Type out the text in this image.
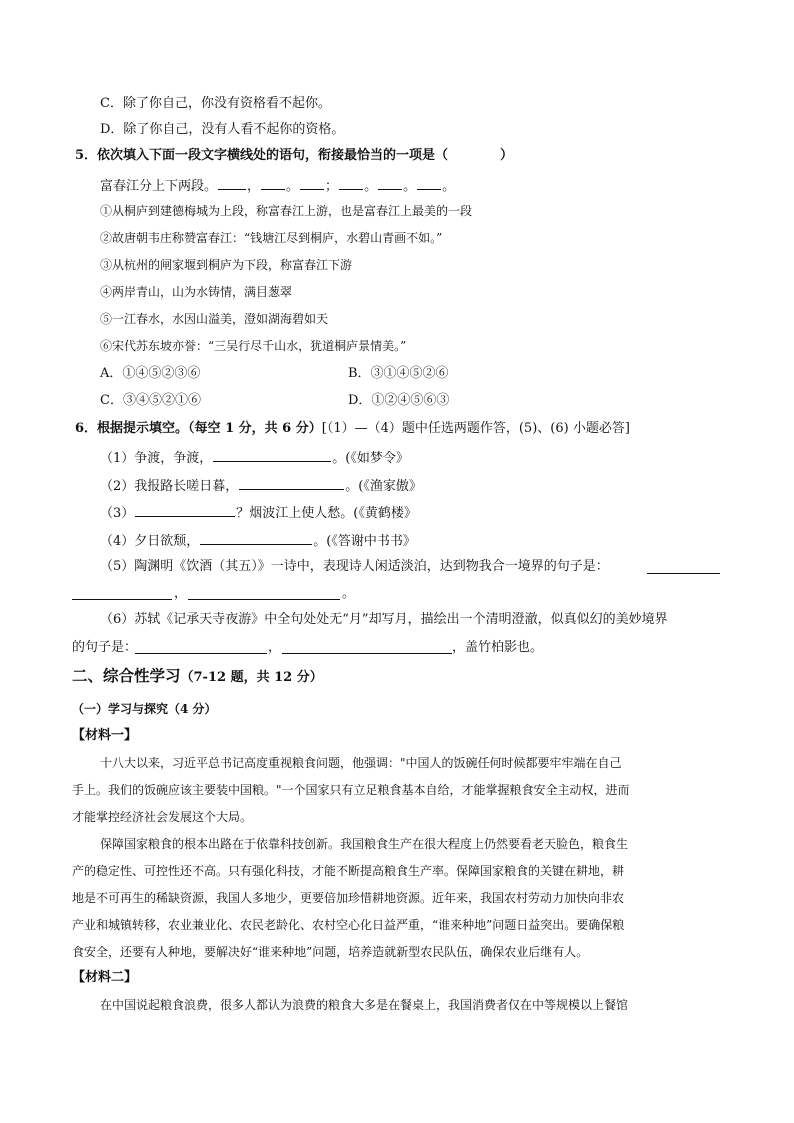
C．除了你自己，你没有资格看不起你。
D．除了你自己，没有人看不起你的资格。
5．依次填入下面一段文字横线处的语句，衔接最恰当的一项是（　　　　）
富春江分上下两段。 ， 。 ； 。 。 。
①从桐庐到建德梅城为上段，称富春江上游，也是富春江上最美的一段
②故唐朝韦庄称赞富春江：“钱塘江尽到桐庐，水碧山青画不如。”
③从杭州的闸家堰到桐庐为下段，称富春江下游
④两岸青山，山为水铸情，满目葱翠
⑤一江春水，水因山溢美，澄如湖海碧如天
⑥宋代苏东坡亦誉：“三吴行尽千山水，犹道桐庐景情美。”
A．①④⑤②③⑥	B．③①④⑤②⑥
C．③④⑤②①⑥	D．①②④⑤⑥③
6．根据提示填空。（每空 1 分，共 6 分）[（1）—（4）题中任选两题作答，(5)、(6) 小题必答]
（1）争渡，争渡，	。(《如梦令》
（2）我报路长嗟日暮，	。(《渔家傲》
（3）	？烟波江上使人愁。(《黄鹤楼》
（4）夕日欲颓，	。(《答谢中书书》
（5）陶渊明《饮酒（其五）》一诗中，表现诗人闲适淡泊，达到物我合一境界的句子是：
，	。
（6）苏轼《记承天寺夜游》中全句处处无“月”却写月，描绘出一个清明澄澈，似真似幻的美妙境界
的句子是：	，	，盖竹柏影也。
二、综合性学习（7-12 题，共 12 分）
（一）学习与探究（4 分）
【材料一】
十八大以来，习近平总书记高度重视粮食问题，他强调："中国人的饭碗任何时候都要牢牢端在自己
手上。我们的饭碗应该主要装中国粮。"一个国家只有立足粮食基本自给，才能掌握粮食安全主动权，进而
才能掌控经济社会发展这个大局。
保障国家粮食的根本出路在于依靠科技创新。我国粮食生产在很大程度上仍然要看老天脸色，粮食生
产的稳定性、可控性还不高。只有强化科技，才能不断提高粮食生产率。保障国家粮食的关键在耕地，耕
地是不可再生的稀缺资源，我国人多地少，更要倍加珍惜耕地资源。近年来，我国农村劳动力加快向非农
产业和城镇转移，农业兼业化、农民老龄化、农村空心化日益严重，“谁来种地”问题日益突出。要确保粮
食安全，还要有人种地，要解决好“谁来种地”问题，培养造就新型农民队伍，确保农业后继有人。
【材料二】
在中国说起粮食浪费，很多人都认为浪费的粮食大多是在餐桌上，我国消费者仅在中等规模以上餐馆
